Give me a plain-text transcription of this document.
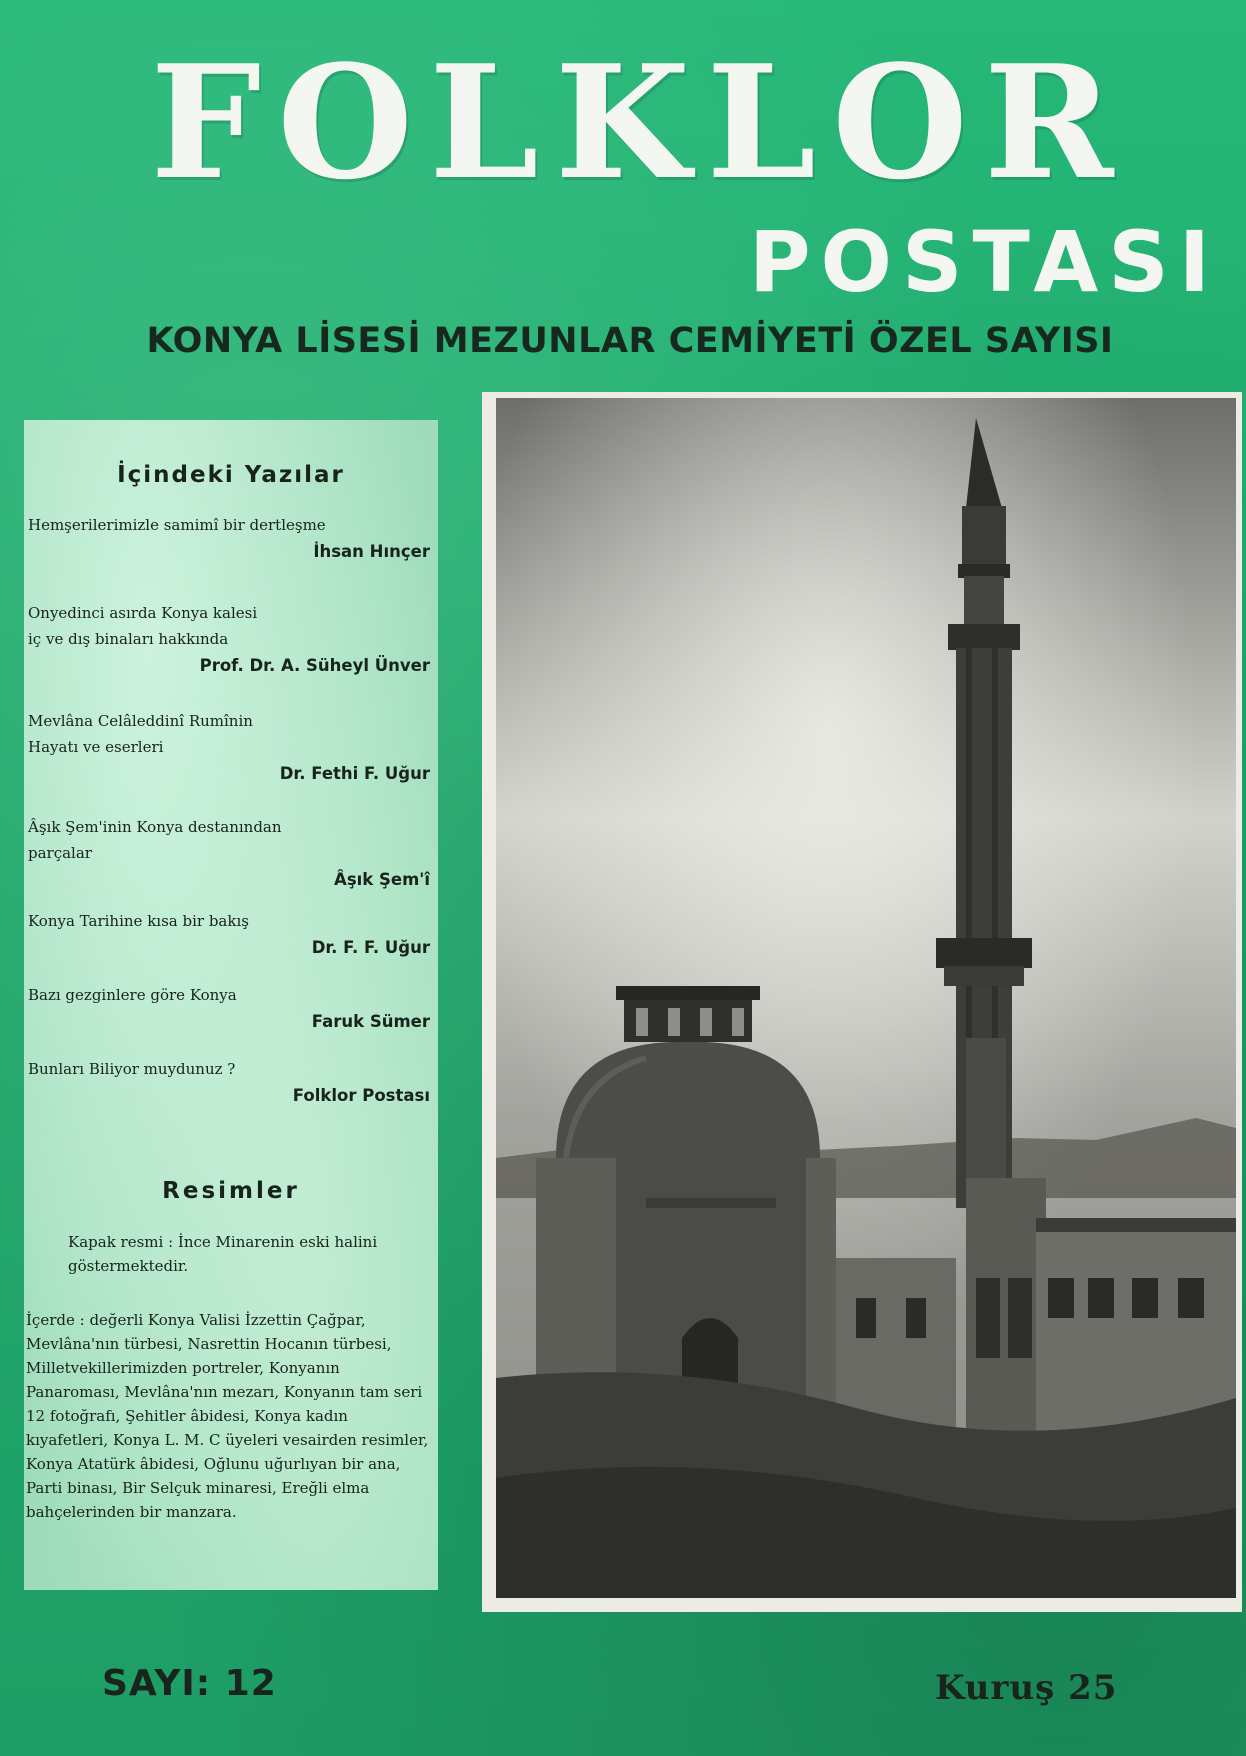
FOLKLOR
POSTASI
KONYA LİSESİ MEZUNLAR CEMİYETİ ÖZEL SAYISI
İçindeki Yazılar
Hemşerilerimizle samimî bir dertleşme
İhsan Hınçer
Onyedinci asırda Konya kalesi
iç ve dış binaları hakkında
Prof. Dr. A. Süheyl Ünver
Mevlâna Celâleddinî Rumînin
Hayatı ve eserleri
Dr. Fethi F. Uğur
Âşık Şem'inin Konya destanından
parçalar
Âşık Şem'î
Konya Tarihine kısa bir bakış
Dr. F. F. Uğur
Bazı gezginlere göre Konya
Faruk Sümer
Bunları Biliyor muydunuz ?
Folklor Postası
Resimler
Kapak resmi : İnce Minarenin eski halini göstermektedir.
İçerde : değerli Konya Valisi İzzettin Çağpar, Mevlâna'nın türbesi, Nasrettin Hocanın türbesi, Milletvekillerimizden portreler, Konyanın Panaroması, Mevlâna'nın mezarı, Konyanın tam seri 12 fotoğrafı, Şehitler âbidesi, Konya kadın kıyafetleri, Konya L. M. C üyeleri vesairden resimler, Konya Atatürk âbidesi, Oğlunu uğurlıyan bir ana, Parti binası, Bir Selçuk minaresi, Ereğli elma bahçelerinden bir manzara.
SAYI: 12	Kuruş 25
